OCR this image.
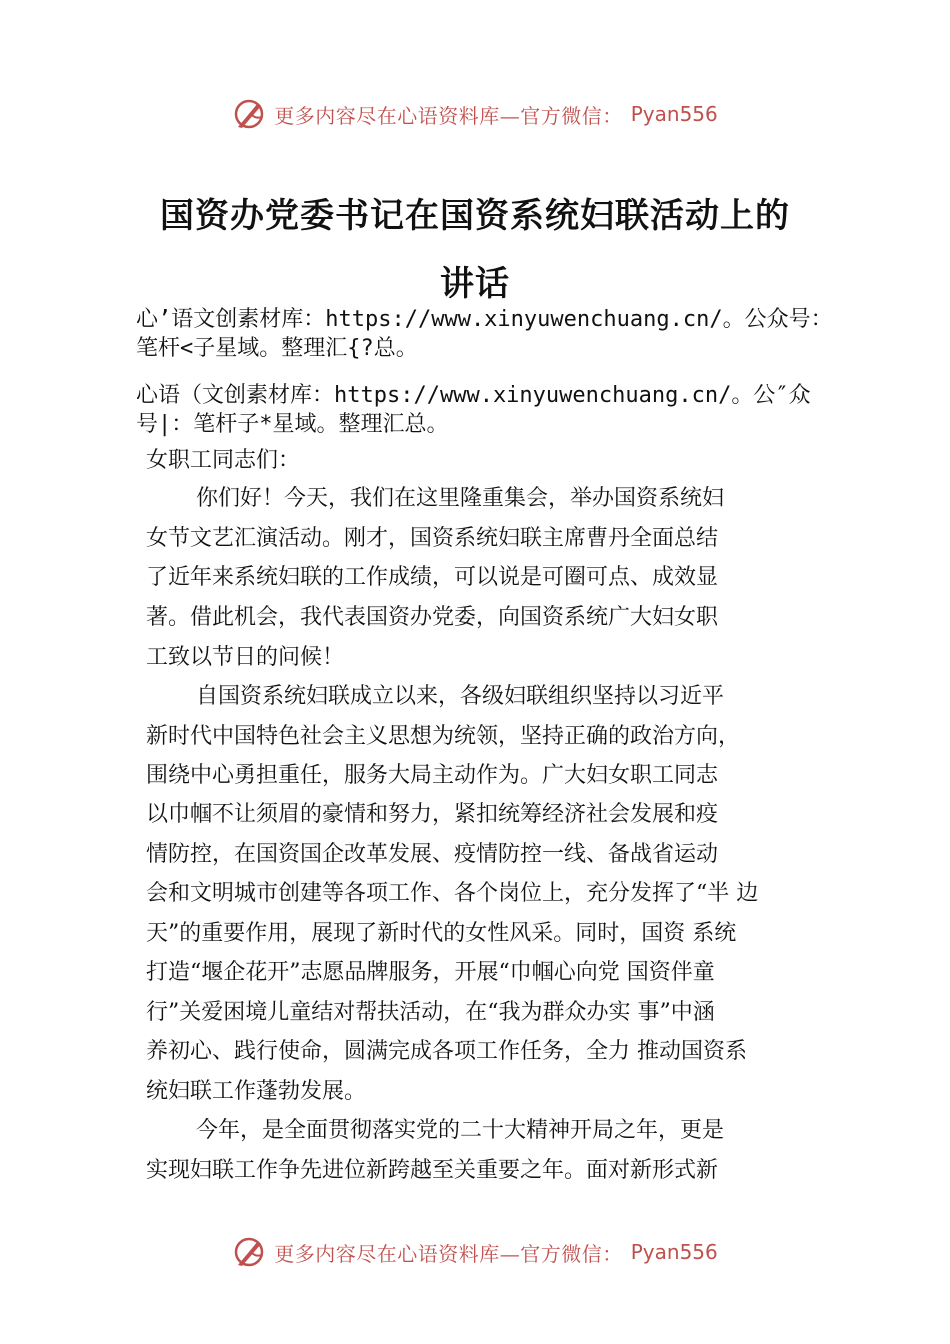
更多内容尽在心语资料库—官方微信： Pyan556
国资办党委书记在国资系统妇联活动上的
讲话
心’语文创素材库：https://www.xinyuwenchuang.cn/。公众号：
笔杆<子星域。整理汇{?总。
心语（文创素材库：https://www.xinyuwenchuang.cn/。公″众
号|：笔杆子*星域。整理汇总。
女职工同志们：
你们好！今天，我们在这里隆重集会，举办国资系统妇
女节文艺汇演活动。刚才，国资系统妇联主席曹丹全面总结
了近年来系统妇联的工作成绩，可以说是可圈可点、成效显
著。借此机会，我代表国资办党委，向国资系统广大妇女职
工致以节日的问候！
自国资系统妇联成立以来，各级妇联组织坚持以习近平
新时代中国特色社会主义思想为统领，坚持正确的政治方向，
围绕中心勇担重任，服务大局主动作为。广大妇女职工同志
以巾帼不让须眉的豪情和努力，紧扣统筹经济社会发展和疫
情防控，在国资国企改革发展、疫情防控一线、备战省运动
会和文明城市创建等各项工作、各个岗位上，充分发挥了“半 边
天”的重要作用，展现了新时代的女性风采。同时，国资 系统
打造“堰企花开”志愿品牌服务，开展“巾帼心向党 国资伴童
行”关爱困境儿童结对帮扶活动，在“我为群众办实 事”中涵
养初心、践行使命，圆满完成各项工作任务，全力 推动国资系
统妇联工作蓬勃发展。
今年，是全面贯彻落实党的二十大精神开局之年，更是
实现妇联工作争先进位新跨越至关重要之年。面对新形式新
更多内容尽在心语资料库—官方微信： Pyan556
